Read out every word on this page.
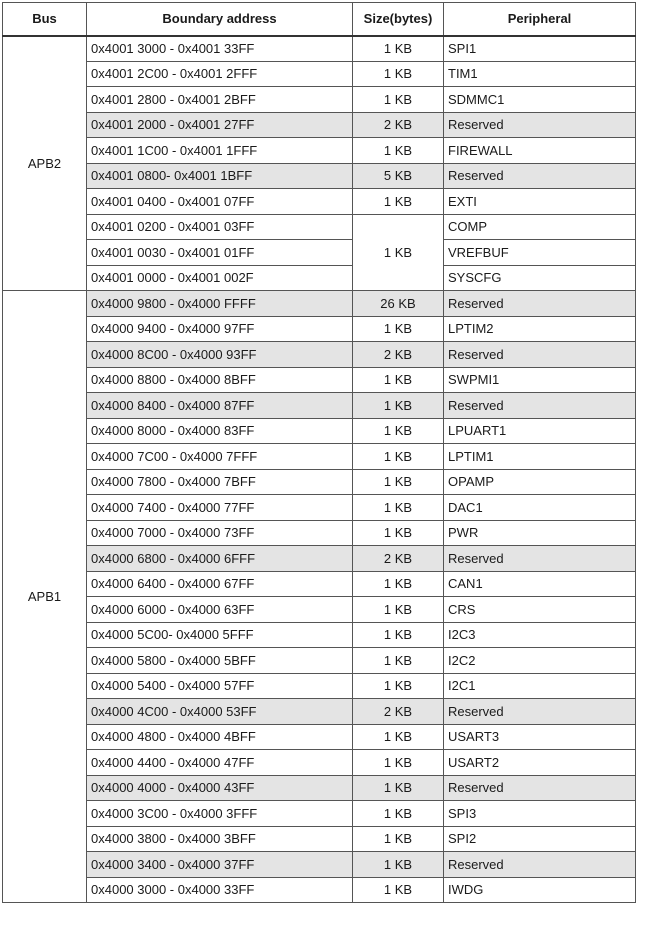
Bus	Boundary address	Size(bytes)	Peripheral
APB2	0x4001 3000 - 0x4001 33FF	1 KB	SPI1
	0x4001 2C00 - 0x4001 2FFF	1 KB	TIM1
	0x4001 2800 - 0x4001 2BFF	1 KB	SDMMC1
	0x4001 2000 - 0x4001 27FF	2 KB	Reserved
	0x4001 1C00 - 0x4001 1FFF	1 KB	FIREWALL
	0x4001 0800- 0x4001 1BFF	5 KB	Reserved
	0x4001 0400 - 0x4001 07FF	1 KB	EXTI
	0x4001 0200 - 0x4001 03FF	1 KB	COMP
	0x4001 0030 - 0x4001 01FF		VREFBUF
	0x4001 0000 - 0x4001 002F		SYSCFG
APB1	0x4000 9800 - 0x4000 FFFF	26 KB	Reserved
	0x4000 9400 - 0x4000 97FF	1 KB	LPTIM2
	0x4000 8C00 - 0x4000 93FF	2 KB	Reserved
	0x4000 8800 - 0x4000 8BFF	1 KB	SWPMI1
	0x4000 8400 - 0x4000 87FF	1 KB	Reserved
	0x4000 8000 - 0x4000 83FF	1 KB	LPUART1
	0x4000 7C00 - 0x4000 7FFF	1 KB	LPTIM1
	0x4000 7800 - 0x4000 7BFF	1 KB	OPAMP
	0x4000 7400 - 0x4000 77FF	1 KB	DAC1
	0x4000 7000 - 0x4000 73FF	1 KB	PWR
	0x4000 6800 - 0x4000 6FFF	2 KB	Reserved
	0x4000 6400 - 0x4000 67FF	1 KB	CAN1
	0x4000 6000 - 0x4000 63FF	1 KB	CRS
	0x4000 5C00- 0x4000 5FFF	1 KB	I2C3
	0x4000 5800 - 0x4000 5BFF	1 KB	I2C2
	0x4000 5400 - 0x4000 57FF	1 KB	I2C1
	0x4000 4C00 - 0x4000 53FF	2 KB	Reserved
	0x4000 4800 - 0x4000 4BFF	1 KB	USART3
	0x4000 4400 - 0x4000 47FF	1 KB	USART2
	0x4000 4000 - 0x4000 43FF	1 KB	Reserved
	0x4000 3C00 - 0x4000 3FFF	1 KB	SPI3
	0x4000 3800 - 0x4000 3BFF	1 KB	SPI2
	0x4000 3400 - 0x4000 37FF	1 KB	Reserved
	0x4000 3000 - 0x4000 33FF	1 KB	IWDG
